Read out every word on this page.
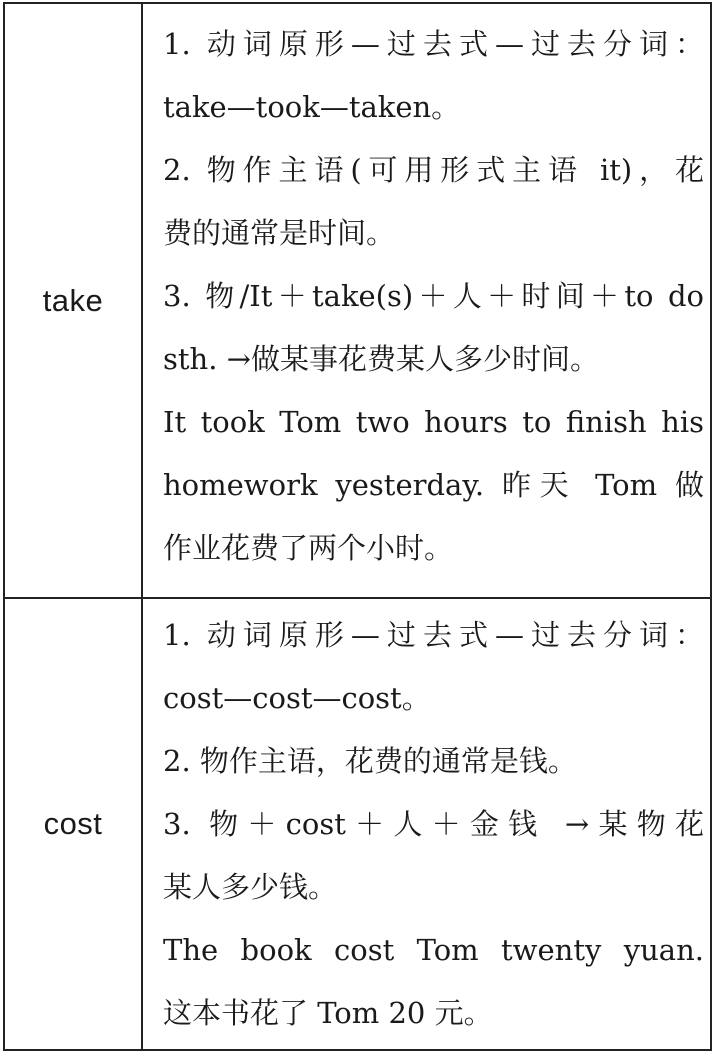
take
1. 动词原形—过去式—过去分词：
take—took—taken。
2. 物作主语(可用形式主语 it)，花
费的通常是时间。
3. 物/It＋take(s)＋人＋时间＋to do
sth. →做某事花费某人多少时间。
It took Tom two hours to finish his
homework yesterday. 昨天 Tom 做
作业花费了两个小时。
cost
1. 动词原形—过去式—过去分词：
cost—cost—cost。
2. 物作主语，花费的通常是钱。
3. 物＋cost＋人＋金钱 →某物花
某人多少钱。
The book cost Tom twenty yuan.
这本书花了 Tom 20 元。
